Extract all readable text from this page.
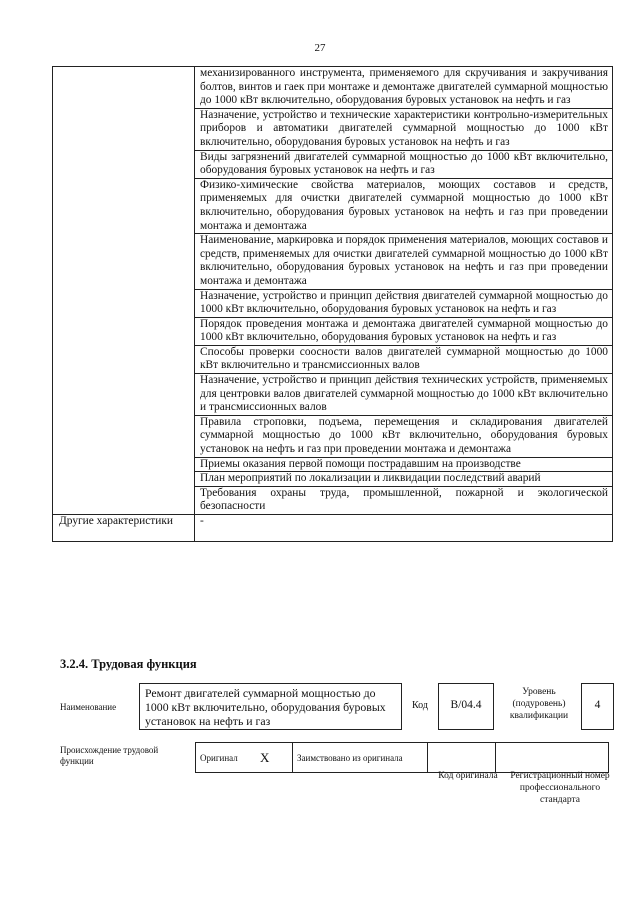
27
	механизированного инструмента, применяемого для скручивания и закручивания болтов, винтов и гаек при монтаже и демонтаже двигателей суммарной мощностью до 1000 кВт включительно, оборудования буровых установок на нефть и газ
	Назначение, устройство и технические характеристики контрольно-измерительных приборов и автоматики двигателей суммарной мощностью до 1000 кВт включительно, оборудования буровых установок на нефть и газ
	Виды загрязнений двигателей суммарной мощностью до 1000 кВт включительно, оборудования буровых установок на нефть и газ
	Физико-химические свойства материалов, моющих составов и средств, применяемых для очистки двигателей суммарной мощностью до 1000 кВт включительно, оборудования буровых установок на нефть и газ при проведении монтажа и демонтажа
	Наименование, маркировка и порядок применения материалов, моющих составов и средств, применяемых для очистки двигателей суммарной мощностью до 1000 кВт включительно, оборудования буровых установок на нефть и газ при проведении монтажа и демонтажа
	Назначение, устройство и принцип действия двигателей суммарной мощностью до 1000 кВт включительно, оборудования буровых установок на нефть и газ
	Порядок проведения монтажа и демонтажа двигателей суммарной мощностью до 1000 кВт включительно, оборудования буровых установок на нефть и газ
	Способы проверки соосности валов двигателей суммарной мощностью до 1000 кВт включительно и трансмиссионных валов
	Назначение, устройство и принцип действия технических устройств, применяемых для центровки валов двигателей суммарной мощностью до 1000 кВт включительно и трансмиссионных валов
	Правила строповки, подъема, перемещения и складирования двигателей суммарной мощностью до 1000 кВт включительно, оборудования буровых установок на нефть и газ при проведении монтажа и демонтажа
	Приемы оказания первой помощи пострадавшим на производстве
	План мероприятий по локализации и ликвидации последствий аварий
	Требования охраны труда, промышленной, пожарной и экологической безопасности
Другие характеристики	-
3.2.4. Трудовая функция
Наименование
Ремонт двигателей суммарной мощностью до 1000 кВт включительно, оборудования буровых установок на нефть и газ
Код	B/04.4
Уровень (подуровень) квалификации
4
Происхождение трудовой функции	Оригинал	X	Заимствовано из оригинала		
Код оригинала	Регистрационный номер профессионального стандарта
